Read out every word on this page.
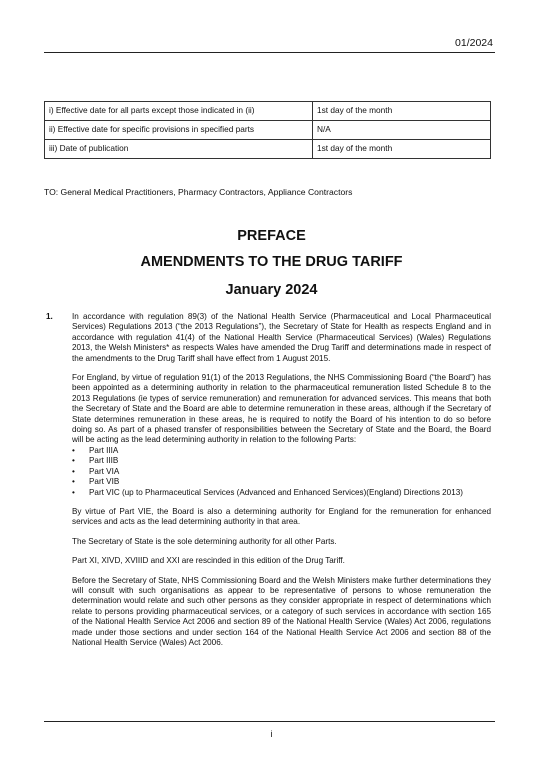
01/2024
i) Effective date for all parts except those indicated in (ii)	1st day of the month
ii) Effective date for specific provisions in specified parts	N/A
iii) Date of publication	1st day of the month
TO: General Medical Practitioners, Pharmacy Contractors, Appliance Contractors
PREFACE
AMENDMENTS TO THE DRUG TARIFF
January 2024
1. In accordance with regulation 89(3) of the National Health Service (Pharmaceutical and Local Pharmaceutical Services) Regulations 2013 (“the 2013 Regulations”), the Secretary of State for Health as respects England and in accordance with regulation 41(4) of the National Health Service (Pharmaceutical Services) (Wales) Regulations 2013, the Welsh Ministers* as respects Wales have amended the Drug Tariff and determinations made in respect of the amendments to the Drug Tariff shall have effect from 1 August 2015.

For England, by virtue of regulation 91(1) of the 2013 Regulations, the NHS Commissioning Board (“the Board”) has been appointed as a determining authority in relation to the pharmaceutical remuneration listed Schedule 8 to the 2013 Regulations (ie types of service remuneration) and remuneration for advanced services. This means that both the Secretary of State and the Board are able to determine remuneration in these areas, although if the Secretary of State determines remuneration in these areas, he is required to notify the Board of his intention to do so before doing so. As part of a phased transfer of responsibilities between the Secretary of State and the Board, the Board will be acting as the lead determining authority in relation to the following Parts:

• Part IIIA
• Part IIIB
• Part VIA
• Part VIB
• Part VIC (up to Pharmaceutical Services (Advanced and Enhanced Services)(England) Directions 2013)

By virtue of Part VIE, the Board is also a determining authority for England for the remuneration for enhanced services and acts as the lead determining authority in that area.

The Secretary of State is the sole determining authority for all other Parts.

Part XI, XIVD, XVIIID and XXI are rescinded in this edition of the Drug Tariff.

Before the Secretary of State, NHS Commissioning Board and the Welsh Ministers make further determinations they will consult with such organisations as appear to be representative of persons to whose remuneration the determination would relate and such other persons as they consider appropriate in respect of determinations which relate to persons providing pharmaceutical services, or a category of such services in accordance with section 165 of the National Health Service Act 2006 and section 89 of the National Health Service (Wales) Act 2006, regulations made under those sections and under section 164 of the National Health Service Act 2006 and section 88 of the National Health Service (Wales) Act 2006.

i
